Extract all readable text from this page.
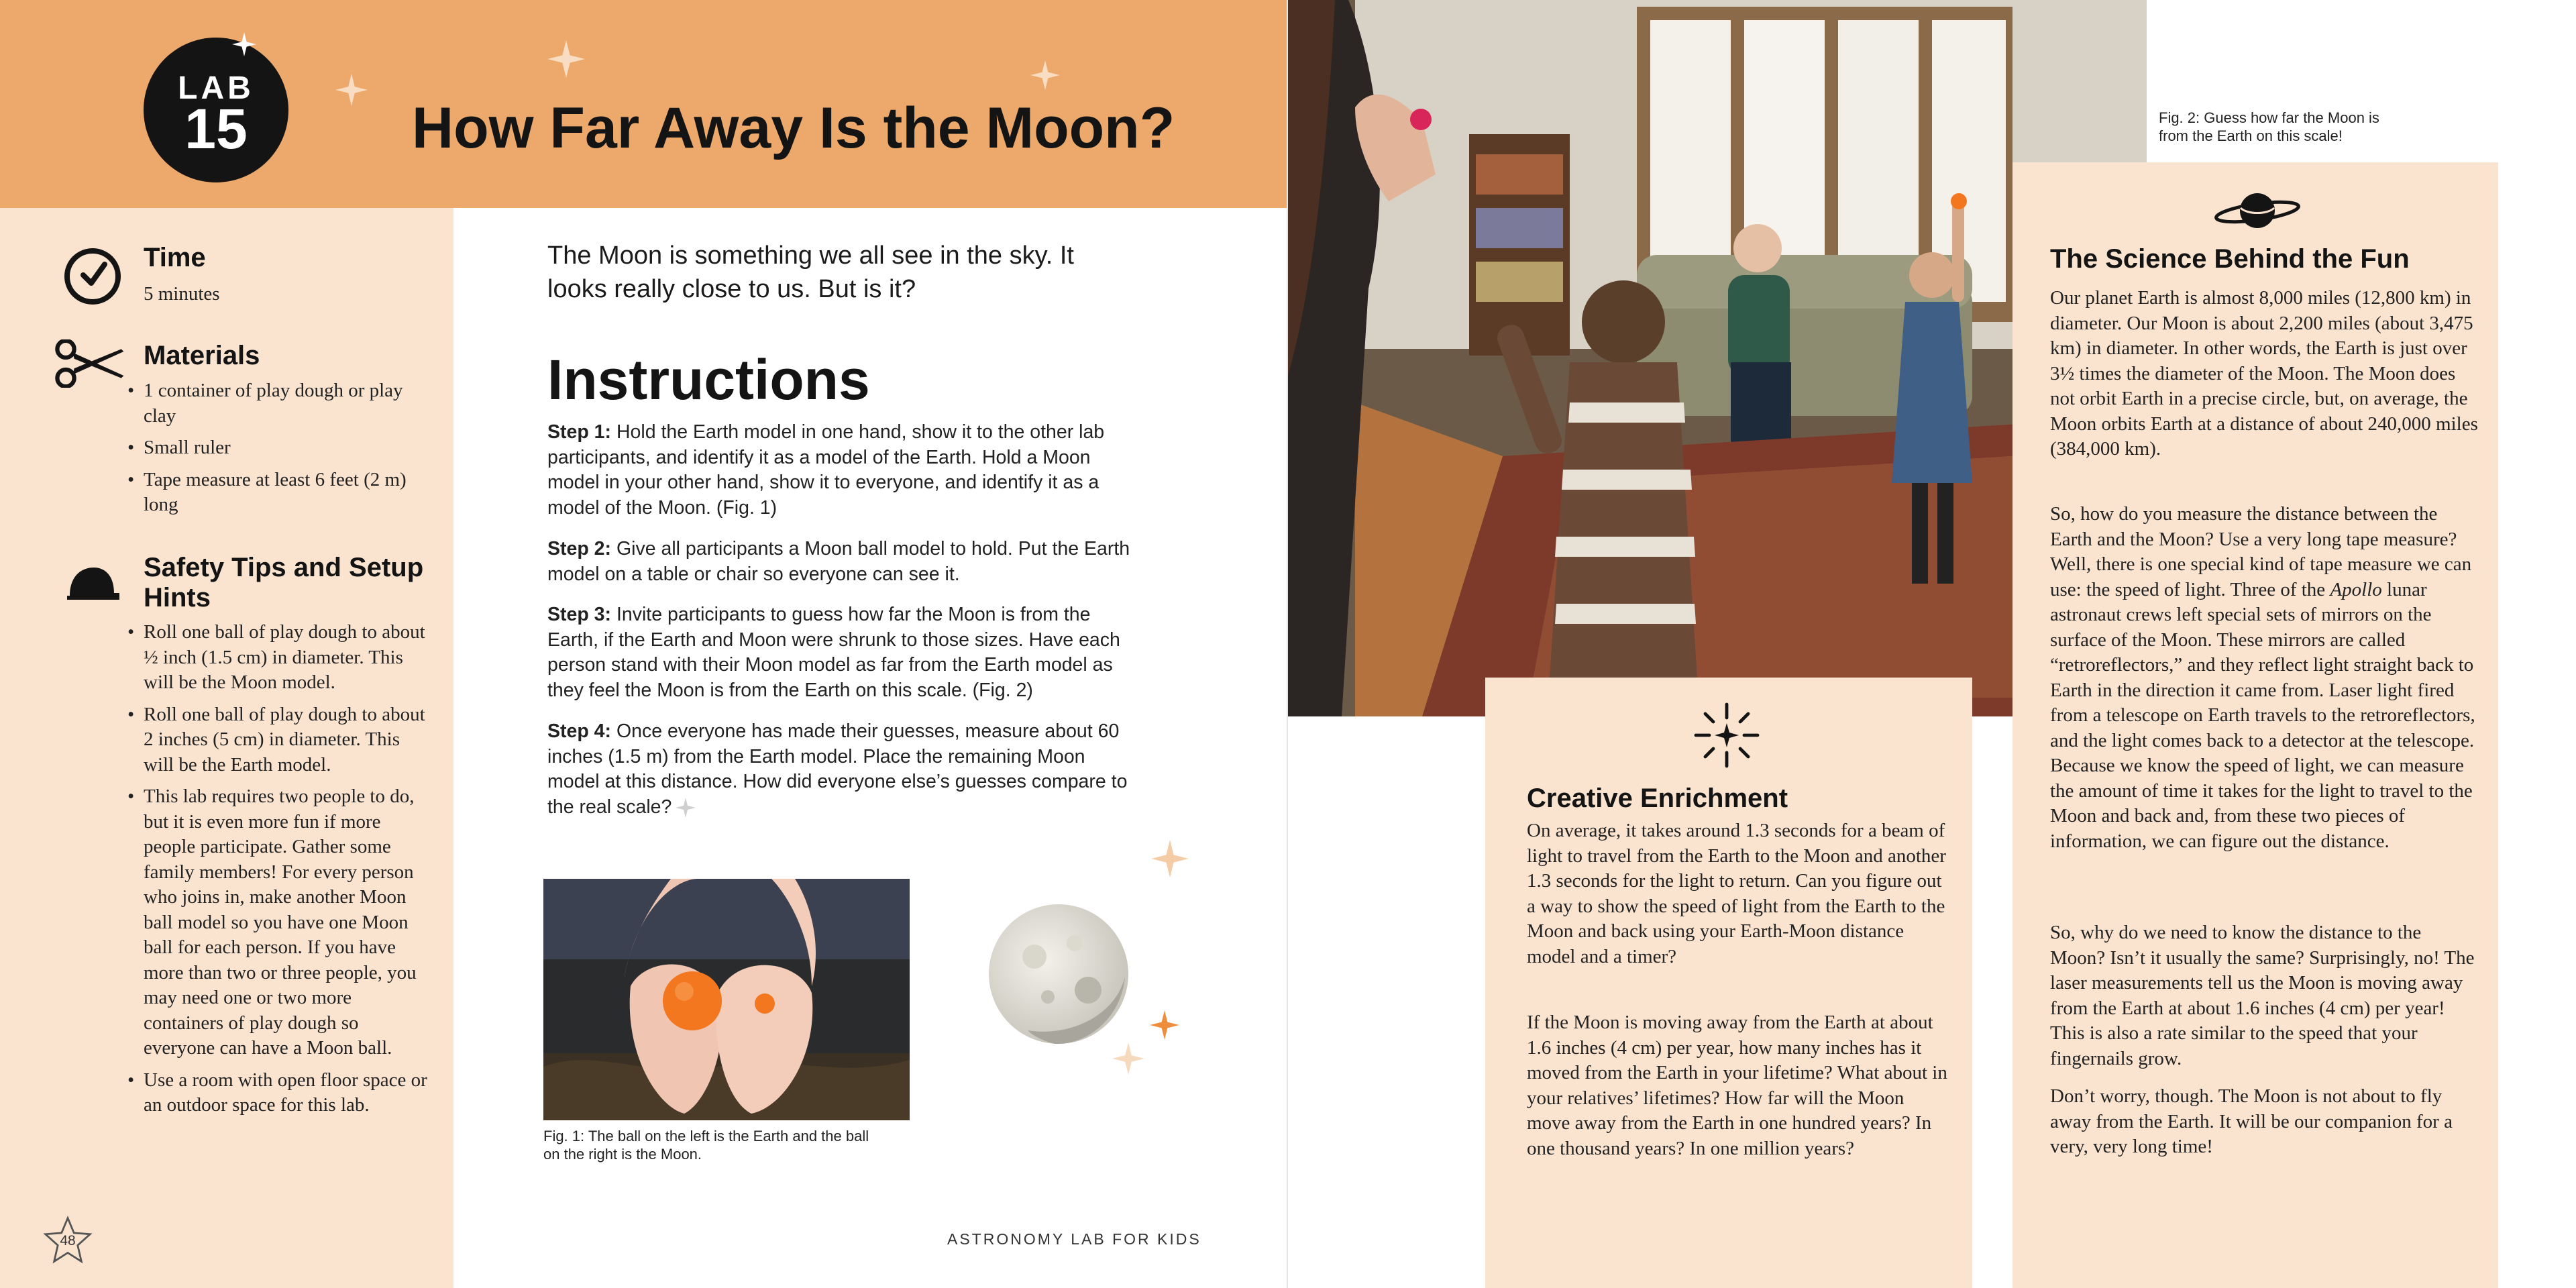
LAB
15	How Far Away Is the Moon?
Time
5 minutes
Materials
• 1 container of play dough or play clay
• Small ruler
• Tape measure at least 6 feet (2 m) long
Safety Tips and Setup Hints
• Roll one ball of play dough to about ½ inch (1.5 cm) in diameter. This will be the Moon model.
• Roll one ball of play dough to about 2 inches (5 cm) in diameter. This will be the Earth model.
• This lab requires two people to do, but it is even more fun if more people participate. Gather some family members! For every person who joins in, make another Moon ball model so you have one Moon ball for each person. If you have more than two or three people, you may need one or two more containers of play dough so everyone can have a Moon ball.
• Use a room with open floor space or an outdoor space for this lab.
48
The Moon is something we all see in the sky. It looks really close to us. But is it?
Instructions
Step 1: Hold the Earth model in one hand, show it to the other lab participants, and identify it as a model of the Earth. Hold a Moon model in your other hand, show it to everyone, and identify it as a model of the Moon. (Fig. 1)
Step 2: Give all participants a Moon ball model to hold. Put the Earth model on a table or chair so everyone can see it.
Step 3: Invite participants to guess how far the Moon is from the Earth, if the Earth and Moon were shrunk to those sizes. Have each person stand with their Moon model as far from the Earth model as they feel the Moon is from the Earth on this scale. (Fig. 2)
Step 4: Once everyone has made their guesses, measure about 60 inches (1.5 m) from the Earth model. Place the remaining Moon model at this distance. How did everyone else’s guesses compare to the real scale?
Fig. 1: The ball on the left is the Earth and the ball on the right is the Moon.
ASTRONOMY LAB FOR KIDS
Fig. 2: Guess how far the Moon is from the Earth on this scale!
Creative Enrichment
On average, it takes around 1.3 seconds for a beam of light to travel from the Earth to the Moon and another 1.3 seconds for the light to return. Can you figure out a way to show the speed of light from the Earth to the Moon and back using your Earth-Moon distance model and a timer?
If the Moon is moving away from the Earth at about 1.6 inches (4 cm) per year, how many inches has it moved from the Earth in your lifetime? What about in your relatives’ lifetimes? How far will the Moon move away from the Earth in one hundred years? In one thousand years? In one million years?
The Science Behind the Fun
Our planet Earth is almost 8,000 miles (12,800 km) in diameter. Our Moon is about 2,200 miles (about 3,475 km) in diameter. In other words, the Earth is just over 3½ times the diameter of the Moon. The Moon does not orbit Earth in a precise circle, but, on average, the Moon orbits Earth at a distance of about 240,000 miles (384,000 km).
So, how do you measure the distance between the Earth and the Moon? Use a very long tape measure? Well, there is one special kind of tape measure we can use: the speed of light. Three of the Apollo lunar astronaut crews left special sets of mirrors on the surface of the Moon. These mirrors are called “retroreflectors,” and they reflect light straight back to Earth in the direction it came from. Laser light fired from a telescope on Earth travels to the retroreflectors, and the light comes back to a detector at the telescope. Because we know the speed of light, we can measure the amount of time it takes for the light to travel to the Moon and back and, from these two pieces of information, we can figure out the distance.
So, why do we need to know the distance to the Moon? Isn’t it usually the same? Surprisingly, no! The laser measurements tell us the Moon is moving away from the Earth at about 1.6 inches (4 cm) per year! This is also a rate similar to the speed that your fingernails grow.
Don’t worry, though. The Moon is not about to fly away from the Earth. It will be our companion for a very, very long time!
